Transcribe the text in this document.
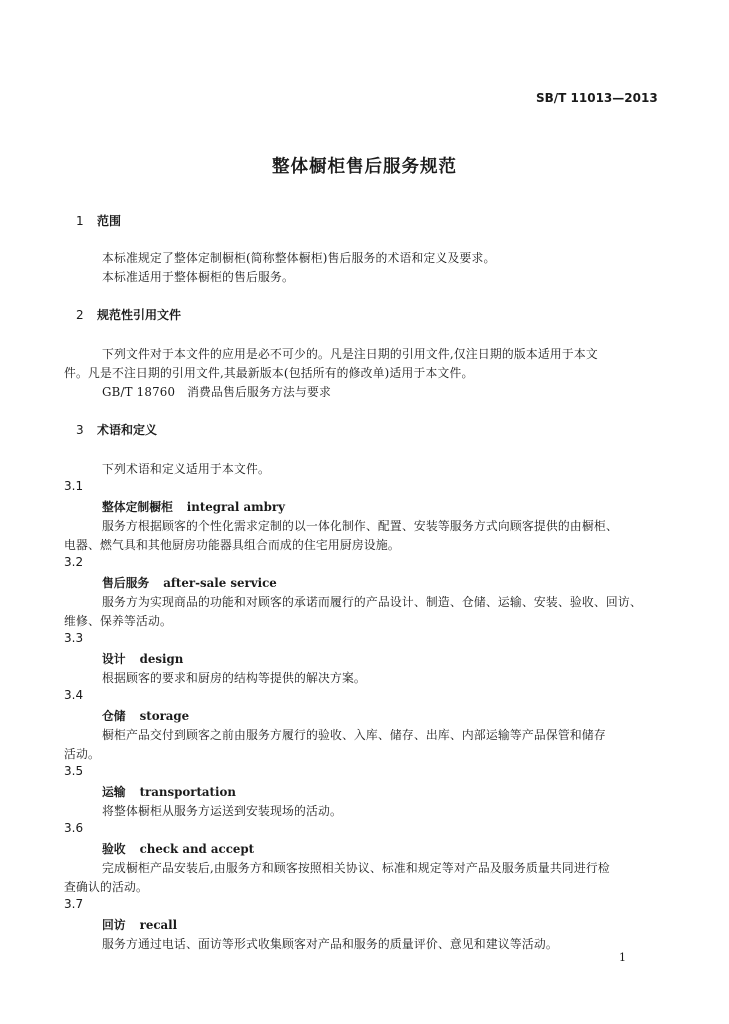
SB/T 11013—2013
整体橱柜售后服务规范
1 范围
本标准规定了整体定制橱柜(简称整体橱柜)售后服务的术语和定义及要求。
本标准适用于整体橱柜的售后服务。
2 规范性引用文件
下列文件对于本文件的应用是必不可少的。凡是注日期的引用文件,仅注日期的版本适用于本文
件。凡是不注日期的引用文件,其最新版本(包括所有的修改单)适用于本文件。
GB/T 18760   消费品售后服务方法与要求
3 术语和定义
下列术语和定义适用于本文件。
3.1
整体定制橱柜 integral ambry
服务方根据顾客的个性化需求定制的以一体化制作、配置、安装等服务方式向顾客提供的由橱柜、
电器、燃气具和其他厨房功能器具组合而成的住宅用厨房设施。
3.2
售后服务 after-sale service
服务方为实现商品的功能和对顾客的承诺而履行的产品设计、制造、仓储、运输、安装、验收、回访、
维修、保养等活动。
3.3
设计 design
根据顾客的要求和厨房的结构等提供的解决方案。
3.4
仓储 storage
橱柜产品交付到顾客之前由服务方履行的验收、入库、储存、出库、内部运输等产品保管和储存
活动。
3.5
运输 transportation
将整体橱柜从服务方运送到安装现场的活动。
3.6
验收 check and accept
完成橱柜产品安装后,由服务方和顾客按照相关协议、标准和规定等对产品及服务质量共同进行检
查确认的活动。
3.7
回访 recall
服务方通过电话、面访等形式收集顾客对产品和服务的质量评价、意见和建议等活动。
1
